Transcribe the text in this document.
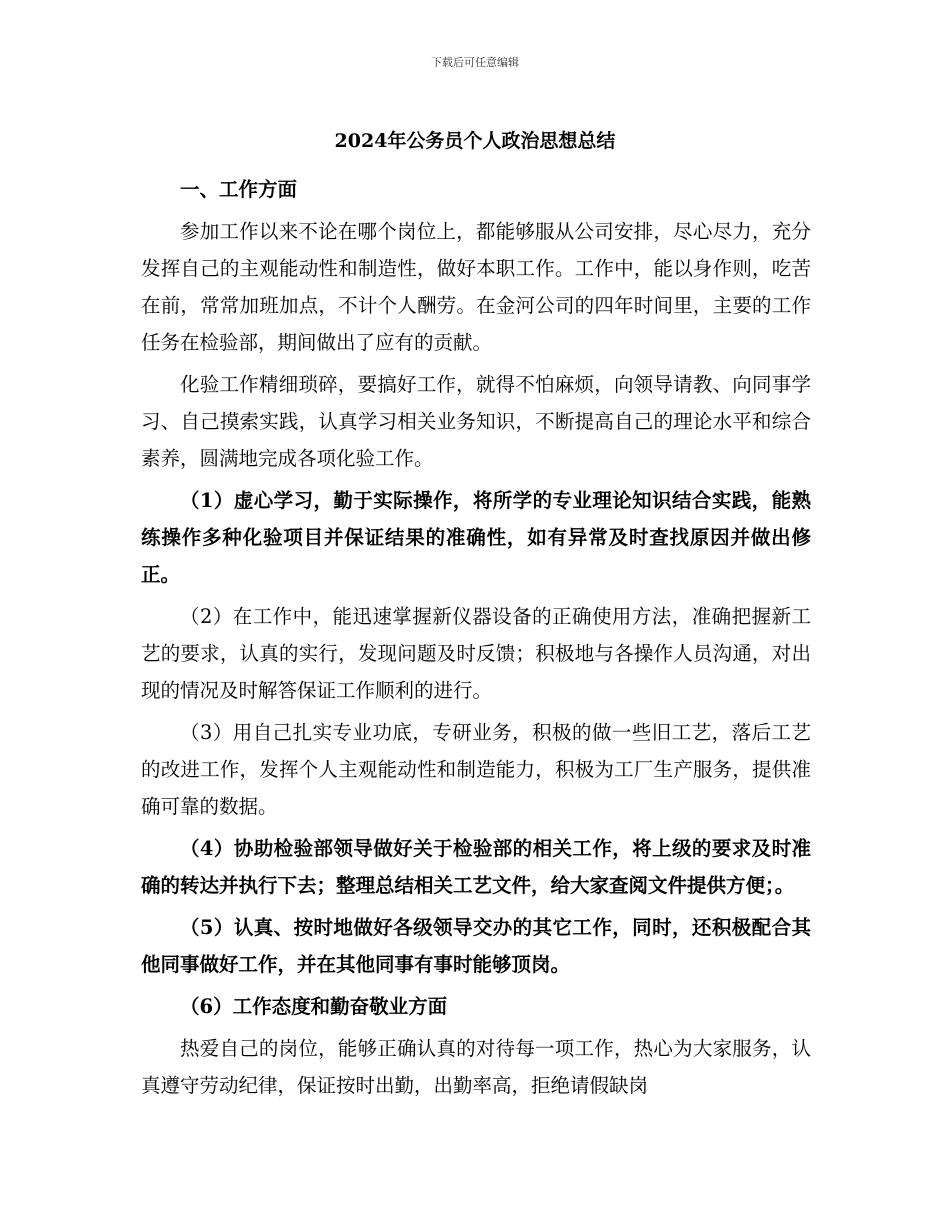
下载后可任意编辑
2024年公务员个人政治思想总结

一、工作方面

参加工作以来不论在哪个岗位上，都能够服从公司安排，尽心尽力，充分发挥自己的主观能动性和制造性，做好本职工作。工作中，能以身作则，吃苦在前，常常加班加点，不计个人酬劳。在金河公司的四年时间里，主要的工作任务在检验部，期间做出了应有的贡献。

化验工作精细琐碎，要搞好工作，就得不怕麻烦，向领导请教、向同事学习、自己摸索实践，认真学习相关业务知识，不断提高自己的理论水平和综合素养，圆满地完成各项化验工作。

（1）虚心学习，勤于实际操作，将所学的专业理论知识结合实践，能熟练操作多种化验项目并保证结果的准确性，如有异常及时查找原因并做出修正。

（2）在工作中，能迅速掌握新仪器设备的正确使用方法，准确把握新工艺的要求，认真的实行，发现问题及时反馈；积极地与各操作人员沟通，对出现的情况及时解答保证工作顺利的进行。

（3）用自己扎实专业功底，专研业务，积极的做一些旧工艺，落后工艺的改进工作，发挥个人主观能动性和制造能力，积极为工厂生产服务，提供准确可靠的数据。

（4）协助检验部领导做好关于检验部的相关工作，将上级的要求及时准确的转达并执行下去；整理总结相关工艺文件，给大家查阅文件提供方便；。

（5）认真、按时地做好各级领导交办的其它工作，同时，还积极配合其他同事做好工作，并在其他同事有事时能够顶岗。

（6）工作态度和勤奋敬业方面

热爱自己的岗位，能够正确认真的对待每一项工作，热心为大家服务，认真遵守劳动纪律，保证按时出勤，出勤率高，拒绝请假缺岗
